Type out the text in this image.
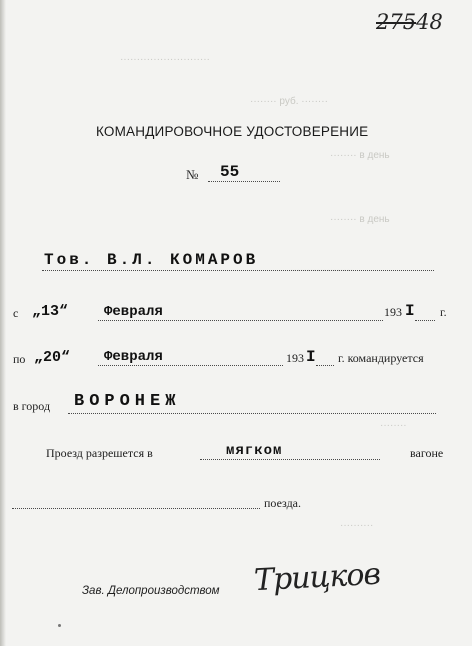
···························
········ руб. ········
········ в день
········ в день
···················
········
··········
27548
КОМАНДИРОВОЧНОЕ УДОСТОВЕРЕНИЕ
№ 55
Тов. В.Л. КОМАРОВ
с „13“	Февраля	193 I г.
по „20“ Февраля	193 I г. командируется
в город ВОРОНЕЖ
Проезд разрешется в	мягком	вагоне
поезда.
Зав. Делопроизводством Трицков
